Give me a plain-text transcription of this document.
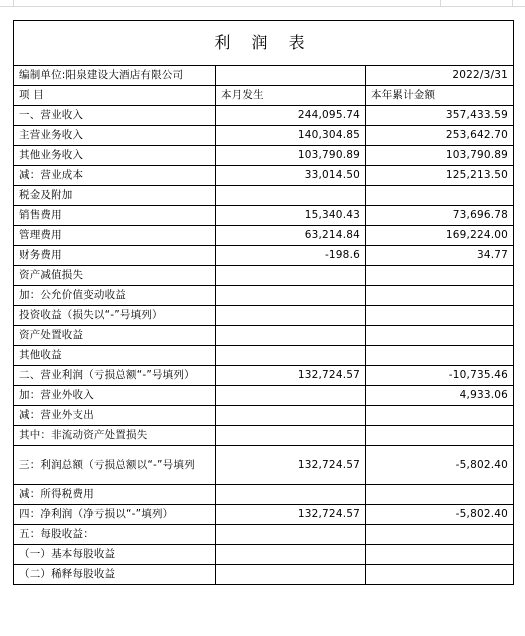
利 润 表		
编制单位:阳泉建设大酒店有限公司		2022/3/31
项 目	本月发生	本年累计金额
一、营业收入	244,095.74	357,433.59
主营业务收入	140,304.85	253,642.70
其他业务收入	103,790.89	103,790.89
减：营业成本	33,014.50	125,213.50
税金及附加		
销售费用	15,340.43	73,696.78
管理费用	63,214.84	169,224.00
财务费用	-198.6	34.77
资产减值损失		
加：公允价值变动收益		
投资收益（损失以“-”号填列）		
资产处置收益		
其他收益		
二、营业利润（亏损总额“-”号填列）	132,724.57	-10,735.46
加：营业外收入		4,933.06
减：营业外支出		
其中：非流动资产处置损失		
三：利润总额（亏损总额以“-”号填列	132,724.57	-5,802.40
减：所得税费用		
四：净利润（净亏损以“-”填列）	132,724.57	-5,802.40
五：每股收益：		
（一）基本每股收益		
（二）稀释每股收益		
